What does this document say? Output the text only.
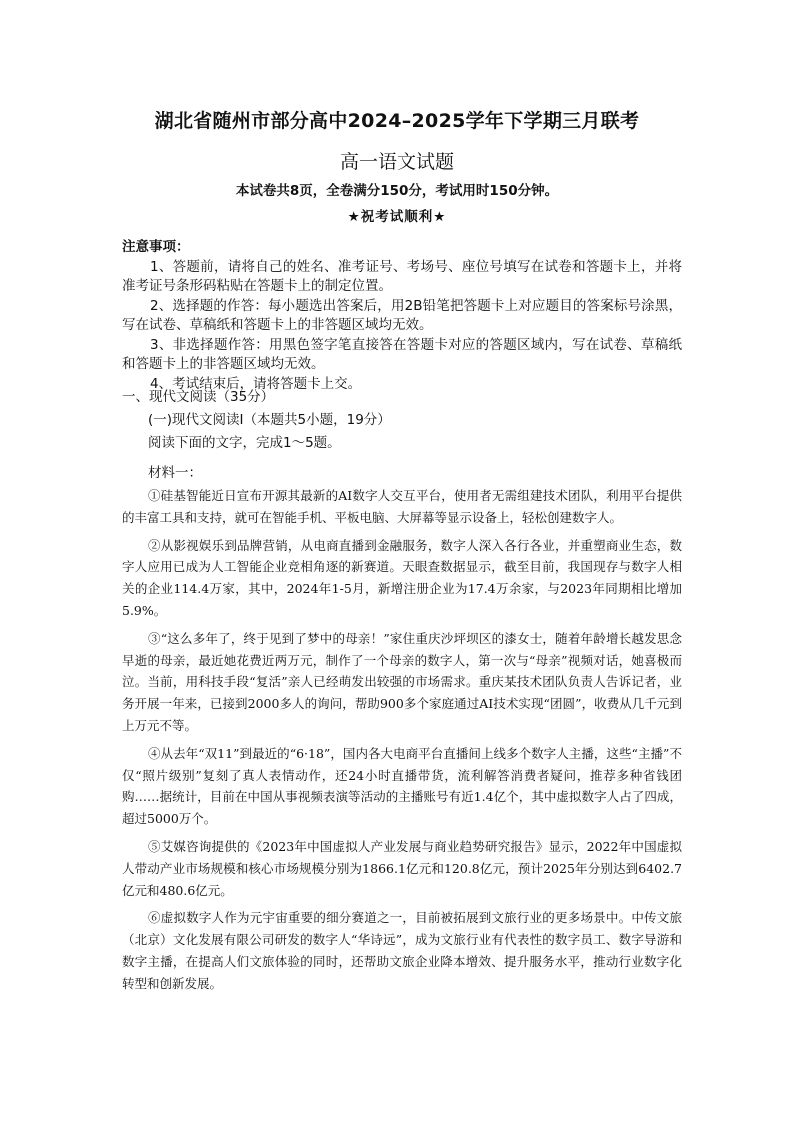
湖北省随州市部分高中2024–2025学年下学期三月联考
高一语文试题
本试卷共8页，全卷满分150分，考试用时150分钟。
★祝考试顺利★
注意事项：

1、答题前，请将自己的姓名、准考证号、考场号、座位号填写在试卷和答题卡上，并将准考证号条形码粘贴在答题卡上的制定位置。

2、选择题的作答：每小题选出答案后，用2B铅笔把答题卡上对应题目的答案标号涂黑，写在试卷、草稿纸和答题卡上的非答题区域均无效。

3、非选择题作答：用黑色签字笔直接答在答题卡对应的答题区域内，写在试卷、草稿纸和答题卡上的非答题区域均无效。

4、考试结束后，请将答题卡上交。

一、现代文阅读（35分）
(一)现代文阅读Ⅰ（本题共5小题，19分）
阅读下面的文字，完成1～5题。
材料一：

①硅基智能近日宣布开源其最新的AI数字人交互平台，使用者无需组建技术团队，利用平台提供的丰富工具和支持，就可在智能手机、平板电脑、大屏幕等显示设备上，轻松创建数字人。

②从影视娱乐到品牌营销，从电商直播到金融服务，数字人深入各行各业，并重塑商业生态，数字人应用已成为人工智能企业竞相角逐的新赛道。天眼查数据显示，截至目前，我国现存与数字人相关的企业114.4万家，其中，2024年1-5月，新增注册企业为17.4万余家，与2023年同期相比增加5.9%。

③“这么多年了，终于见到了梦中的母亲！”家住重庆沙坪坝区的漆女士，随着年龄增长越发思念早逝的母亲，最近她花费近两万元，制作了一个母亲的数字人，第一次与“母亲”视频对话，她喜极而泣。当前，用科技手段“复活”亲人已经萌发出较强的市场需求。重庆某技术团队负责人告诉记者，业务开展一年来，已接到2000多人的询问，帮助900多个家庭通过AI技术实现“团圆”，收费从几千元到上万元不等。

④从去年“双11”到最近的“6·18”，国内各大电商平台直播间上线多个数字人主播，这些“主播”不仅“照片级别”复刻了真人表情动作，还24小时直播带货，流利解答消费者疑问，推荐多种省钱团购……据统计，目前在中国从事视频表演等活动的主播账号有近1.4亿个，其中虚拟数字人占了四成，超过5000万个。

⑤艾媒咨询提供的《2023年中国虚拟人产业发展与商业趋势研究报告》显示，2022年中国虚拟人带动产业市场规模和核心市场规模分别为1866.1亿元和120.8亿元，预计2025年分别达到6402.7亿元和480.6亿元。

⑥虚拟数字人作为元宇宙重要的细分赛道之一，目前被拓展到文旅行业的更多场景中。中传文旅（北京）文化发展有限公司研发的数字人“华诗远”，成为文旅行业有代表性的数字员工、数字导游和数字主播，在提高人们文旅体验的同时，还帮助文旅企业降本增效、提升服务水平，推动行业数字化转型和创新发展。
